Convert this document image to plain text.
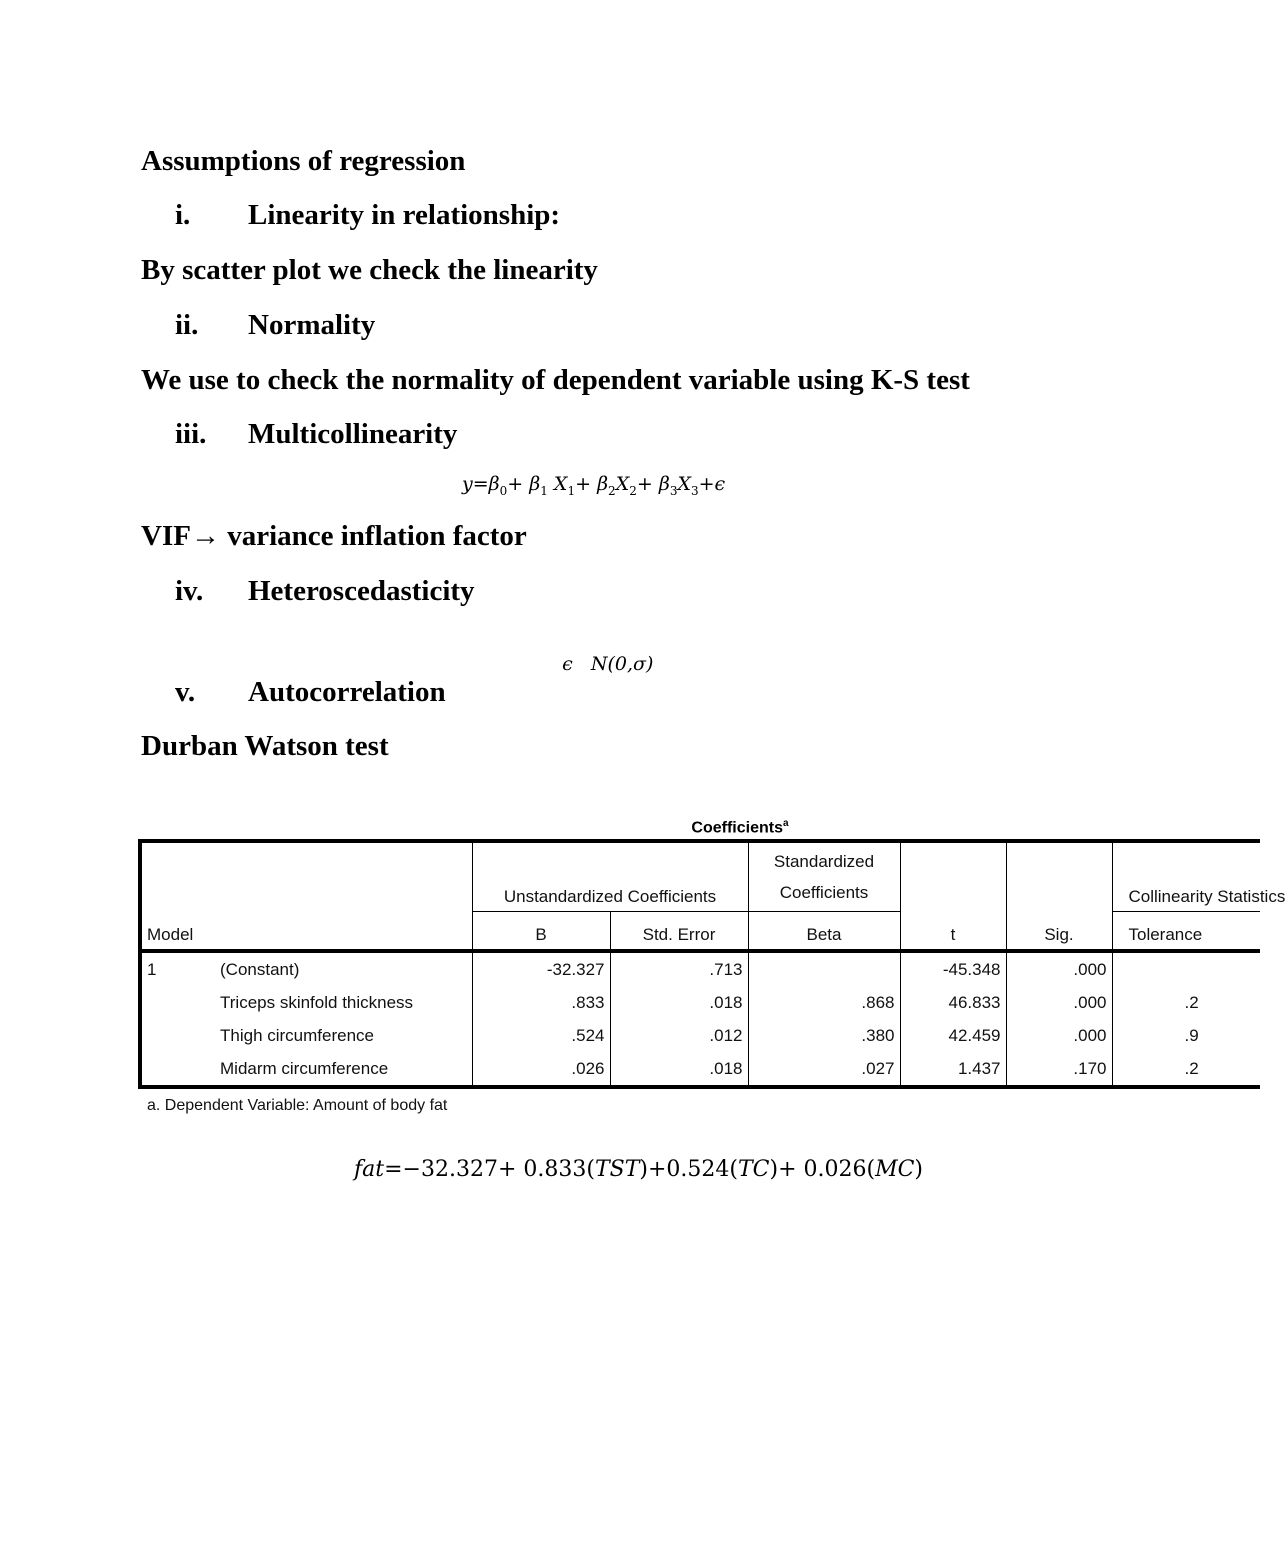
Assumptions of regression
i.	Linearity in relationship:
By scatter plot we check the linearity
ii.	Normality
We use to check the normality of dependent variable using K-S test
iii.	Multicollinearity
$y=\beta_0+ \beta_1$ $X_1+ \beta_2X_2+ \beta_3X_3+\epsilon$
VIF→ variance inflation factor
iv.	Heteroscedasticity

ϵ   N(0,σ)

v.	Autocorrelation
Durban Watson test
Coefficients$^a$
		Unstandardized Coefficients		Standardized
Coefficients			Collinearity Statistics
Model		B	Std. Error	Beta	t	Sig.	Tolerance
1	(Constant)	-32.327	.713		-45.348	.000	
	Triceps skinfold thickness	.833	.018	.868	46.833	.000	.2
	Thigh circumference	.524	.012	.380	42.459	.000	.9
	Midarm circumference	.026	.018	.027	1.437	.170	.2
a. Dependent Variable: Amount of body fat
fat=−32.327+ 0.833(TST)+0.524(TC)+ 0.026(MC)
